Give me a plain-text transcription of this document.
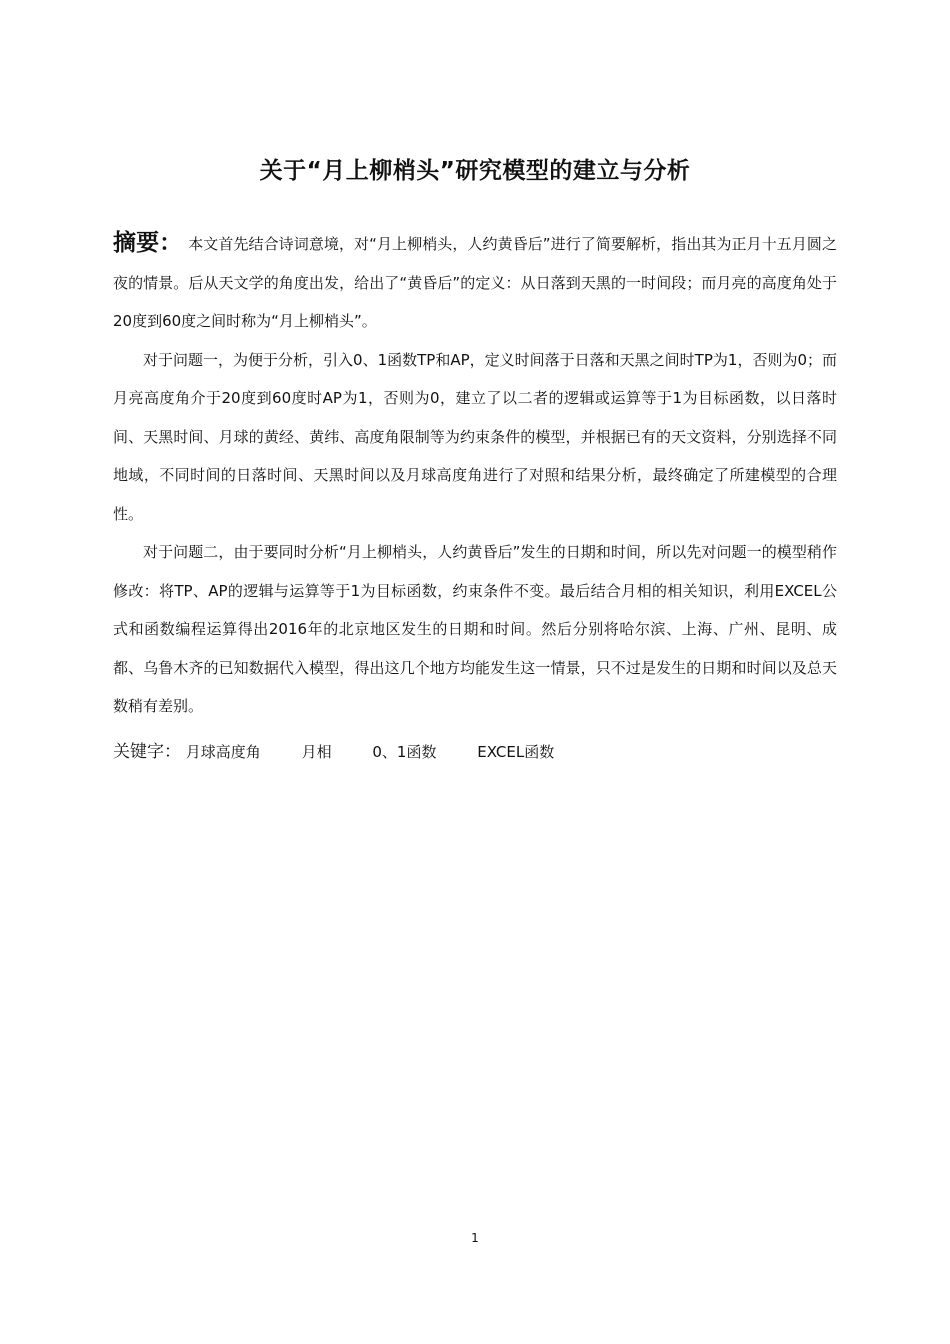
关于“月上柳梢头”研究模型的建立与分析

摘要： 本文首先结合诗词意境，对“月上柳梢头，人约黄昏后”进行了简要解析，指出其为正月十五月圆之夜的情景。后从天文学的角度出发，给出了“黄昏后”的定义：从日落到天黑的一时间段；而月亮的高度角处于20度到60度之间时称为“月上柳梢头”。

对于问题一，为便于分析，引入0、1函数TP和AP，定义时间落于日落和天黑之间时TP为1，否则为0；而月亮高度角介于20度到60度时AP为1，否则为0，建立了以二者的逻辑或运算等于1为目标函数，以日落时间、天黑时间、月球的黄经、黄纬、高度角限制等为约束条件的模型，并根据已有的天文资料，分别选择不同地域，不同时间的日落时间、天黑时间以及月球高度角进行了对照和结果分析，最终确定了所建模型的合理性。

对于问题二，由于要同时分析“月上柳梢头，人约黄昏后”发生的日期和时间，所以先对问题一的模型稍作修改：将TP、AP的逻辑与运算等于1为目标函数，约束条件不变。最后结合月相的相关知识，利用EXCEL公式和函数编程运算得出2016年的北京地区发生的日期和时间。然后分别将哈尔滨、上海、广州、昆明、成都、乌鲁木齐的已知数据代入模型，得出这几个地方均能发生这一情景，只不过是发生的日期和时间以及总天数稍有差别。

关键字： 月球高度角	月相	0、1函数	EXCEL函数
1
